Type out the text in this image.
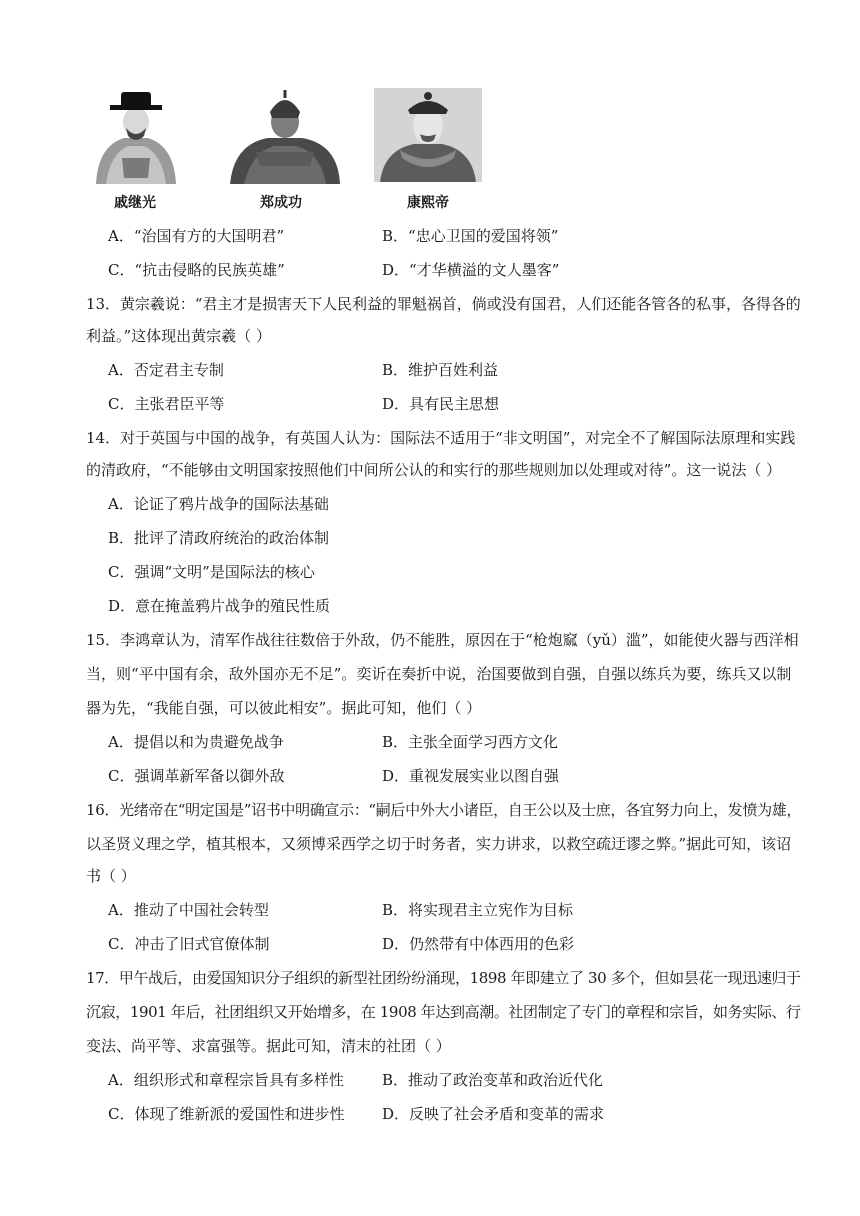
戚继光	郑成功	康熙帝
A．“治国有方的大国明君”	B．“忠心卫国的爱国将领”
C．“抗击侵略的民族英雄”	D．“才华横溢的文人墨客”
13．黄宗羲说：“君主才是损害天下人民利益的罪魁祸首，倘或没有国君，人们还能各管各的私事，各得各的
利益。”这体现出黄宗羲（ ）
A．否定君主专制	B．维护百姓利益
C．主张君臣平等	D．具有民主思想
14．对于英国与中国的战争，有英国人认为：国际法不适用于“非文明国”，对完全不了解国际法原理和实践
的清政府，“不能够由文明国家按照他们中间所公认的和实行的那些规则加以处理或对待”。这一说法（ ）
A．论证了鸦片战争的国际法基础
B．批评了清政府统治的政治体制
C．强调“文明”是国际法的核心
D．意在掩盖鸦片战争的殖民性质
15．李鸿章认为，清军作战往往数倍于外敌，仍不能胜，原因在于“枪炮窳（yǔ）滥”，如能使火器与西洋相
当，则“平中国有余，敌外国亦无不足”。奕䜣在奏折中说，治国要做到自强，自强以练兵为要，练兵又以制
器为先，“我能自强，可以彼此相安”。据此可知，他们（ ）
A．提倡以和为贵避免战争	B．主张全面学习西方文化
C．强调革新军备以御外敌	D．重视发展实业以图自强
16．光绪帝在“明定国是”诏书中明确宣示：“嗣后中外大小诸臣，自王公以及士庶，各宜努力向上，发愤为雄，
以圣贤义理之学，植其根本，又须博采西学之切于时务者，实力讲求，以救空疏迂谬之弊。”据此可知，该诏
书（ ）
A．推动了中国社会转型	B．将实现君主立宪作为目标
C．冲击了旧式官僚体制	D．仍然带有中体西用的色彩
17．甲午战后，由爱国知识分子组织的新型社团纷纷涌现，1898 年即建立了 30 多个，但如昙花一现迅速归于
沉寂，1901 年后，社团组织又开始增多，在 1908 年达到高潮。社团制定了专门的章程和宗旨，如务实际、行
变法、尚平等、求富强等。据此可知，清末的社团（ ）
A．组织形式和章程宗旨具有多样性	B．推动了政治变革和政治近代化
C．体现了维新派的爱国性和进步性	D．反映了社会矛盾和变革的需求
